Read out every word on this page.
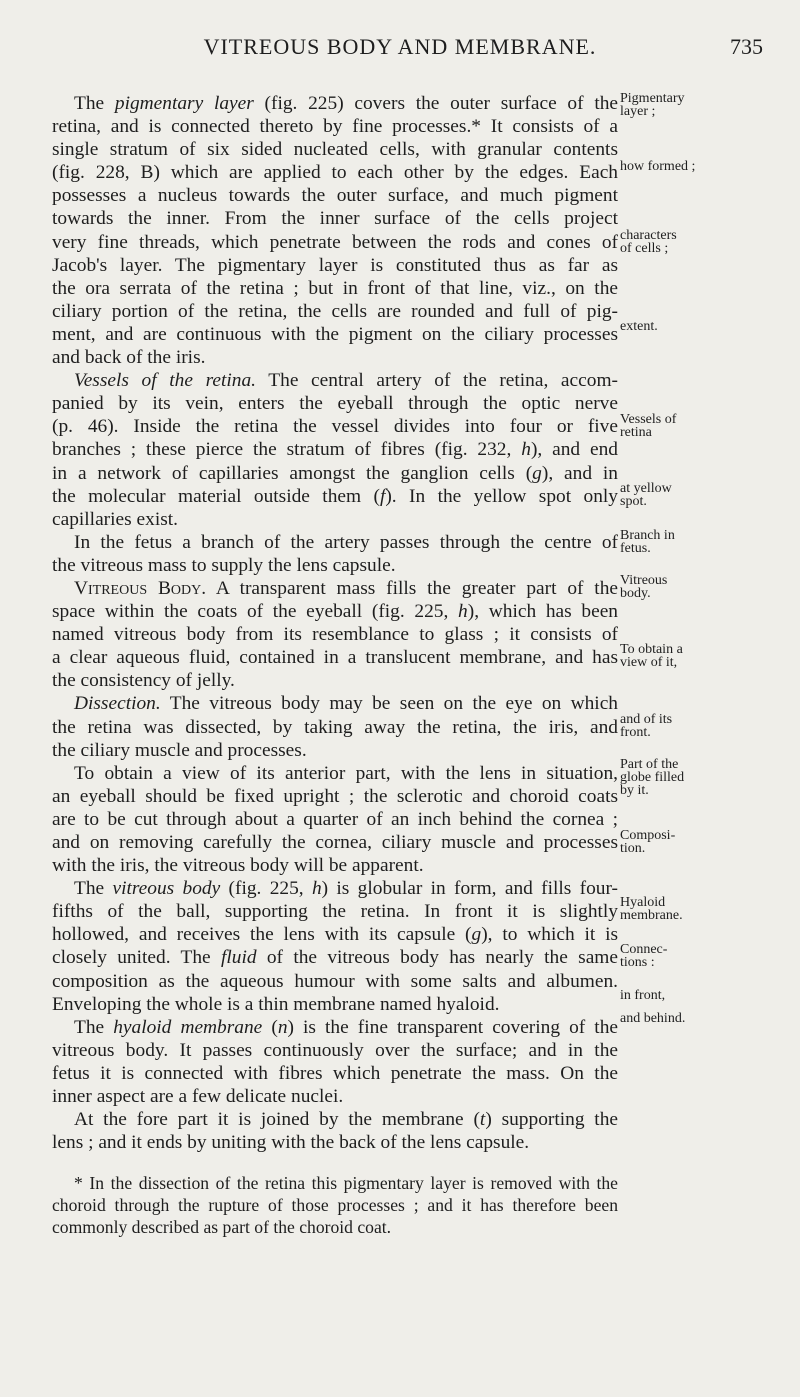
VITREOUS BODY AND MEMBRANE.	735
The pigmentary layer (fig. 225) covers the outer surface of the
retina, and is connected thereto by fine processes.* It consists of a
single stratum of six sided nucleated cells, with granular contents
(fig. 228, B) which are applied to each other by the edges. Each
possesses a nucleus towards the outer surface, and much pigment
towards the inner. From the inner surface of the cells project
very fine threads, which penetrate between the rods and cones of
Jacob's layer. The pigmentary layer is constituted thus as far as
the ora serrata of the retina ; but in front of that line, viz., on the
ciliary portion of the retina, the cells are rounded and full of pig-
ment, and are continuous with the pigment on the ciliary processes
and back of the iris.
Vessels of the retina. The central artery of the retina, accom-
panied by its vein, enters the eyeball through the optic nerve
(p. 46). Inside the retina the vessel divides into four or five
branches ; these pierce the stratum of fibres (fig. 232, h), and end
in a network of capillaries amongst the ganglion cells (g), and in
the molecular material outside them (f). In the yellow spot only
capillaries exist.
In the fetus a branch of the artery passes through the centre of
the vitreous mass to supply the lens capsule.
Vitreous Body. A transparent mass fills the greater part of the
space within the coats of the eyeball (fig. 225, h), which has been
named vitreous body from its resemblance to glass ; it consists of
a clear aqueous fluid, contained in a translucent membrane, and has
the consistency of jelly.
Dissection. The vitreous body may be seen on the eye on which
the retina was dissected, by taking away the retina, the iris, and
the ciliary muscle and processes.
To obtain a view of its anterior part, with the lens in situation,
an eyeball should be fixed upright ; the sclerotic and choroid coats
are to be cut through about a quarter of an inch behind the cornea ;
and on removing carefully the cornea, ciliary muscle and processes
with the iris, the vitreous body will be apparent.
The vitreous body (fig. 225, h) is globular in form, and fills four-
fifths of the ball, supporting the retina. In front it is slightly
hollowed, and receives the lens with its capsule (g), to which it is
closely united. The fluid of the vitreous body has nearly the same
composition as the aqueous humour with some salts and albumen.
Enveloping the whole is a thin membrane named hyaloid.
The hyaloid membrane (n) is the fine transparent covering of the
vitreous body. It passes continuously over the surface; and in the
fetus it is connected with fibres which penetrate the mass. On the
inner aspect are a few delicate nuclei.
At the fore part it is joined by the membrane (t) supporting the
lens ; and it ends by uniting with the back of the lens capsule.
* In the dissection of the retina this pigmentary layer is removed with the
choroid through the rupture of those processes ; and it has therefore been
commonly described as part of the choroid coat.
Pigmentary
layer ;
how formed ;
characters
of cells ;
extent.
Vessels of
retina
at yellow
spot.
Branch in
fetus.
Vitreous
body.
To obtain a
view of it,
and of its
front.
Part of the
globe filled
by it.
Composi-
tion.
Hyaloid
membrane.
Connec-
tions :
in front,
and behind.
